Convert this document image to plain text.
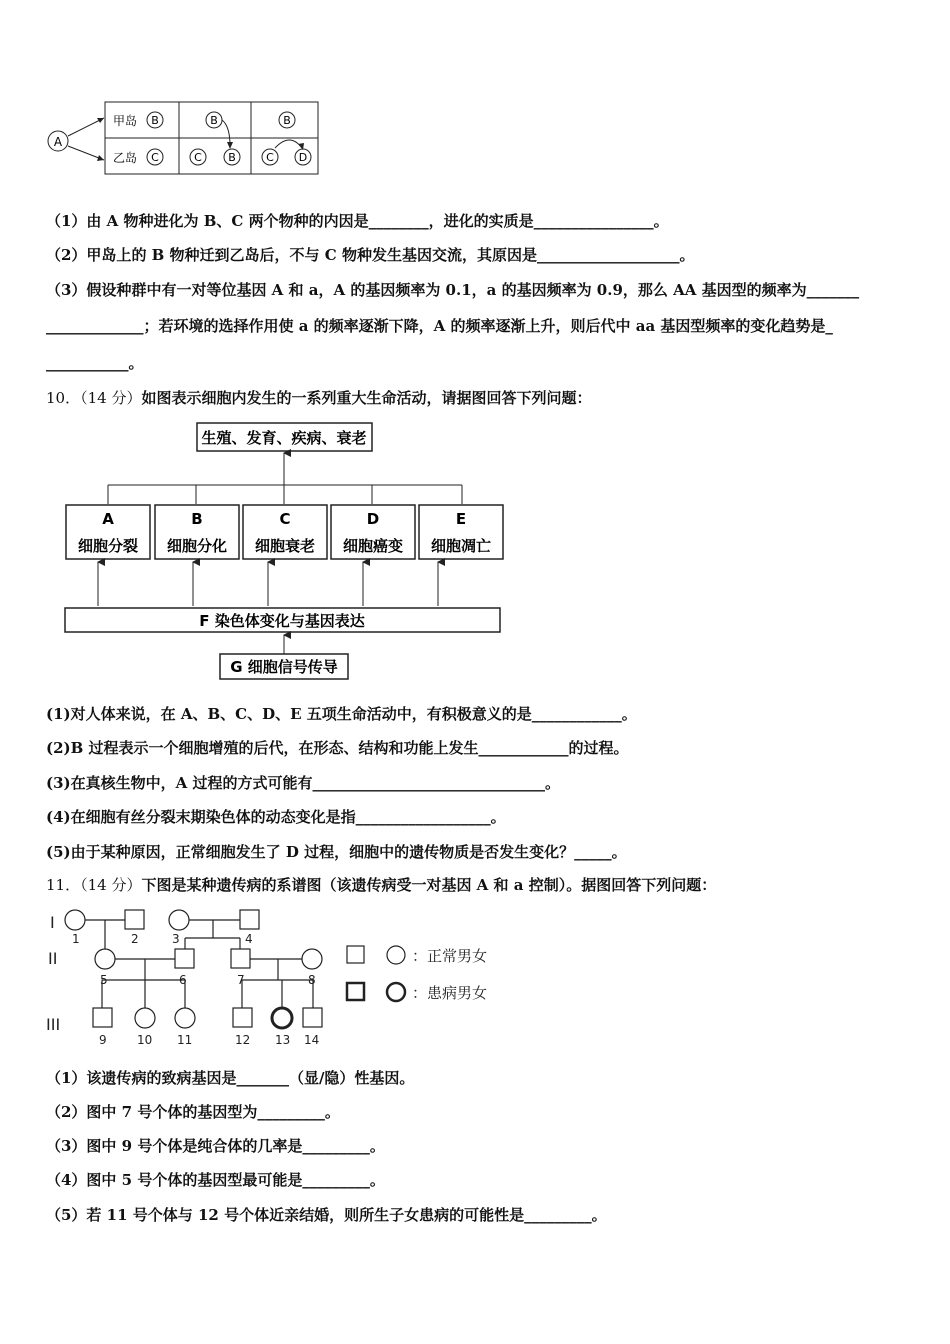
A
甲岛 B	B	B
乙岛 C	C B	C D
（1）由 A 物种进化为 B、C 两个物种的内因是________，进化的实质是________________。
（2）甲岛上的 B 物种迁到乙岛后，不与 C 物种发生基因交流，其原因是___________________。
（3）假设种群中有一对等位基因 A 和 a，A 的基因频率为 0.1，a 的基因频率为 0.9，那么 AA 基因型的频率为_______
_____________；若环境的选择作用使 a 的频率逐渐下降，A 的频率逐渐上升，则后代中 aa 基因型频率的变化趋势是_
___________。
10．（14 分）如图表示细胞内发生的一系列重大生命活动，请据图回答下列问题：
生殖、发育、疾病、衰老
A
细胞分裂
B
细胞分化
C
细胞衰老
D
细胞癌变
E
细胞凋亡
F 染色体变化与基因表达
G 细胞信号传导
(1)对人体来说，在 A、B、C、D、E 五项生命活动中，有积极意义的是____________。
(2)B 过程表示一个细胞增殖的后代，在形态、结构和功能上发生____________的过程。
(3)在真核生物中，A 过程的方式可能有_______________________________。
(4)在细胞有丝分裂末期染色体的动态变化是指__________________。
(5)由于某种原因，正常细胞发生了 D 过程，细胞中的遗传物质是否发生变化？_____。
11．（14 分）下图是某种遗传病的系谱图（该遗传病受一对基因 A 和 a 控制）。据图回答下列问题：
I
II
III
1	2	3	4
5	6	7	8
9	10 11	12 13 14
：正常男女
：患病男女
（1）该遗传病的致病基因是_______（显/隐）性基因。
（2）图中 7 号个体的基因型为_________。
（3）图中 9 号个体是纯合体的几率是_________。
（4）图中 5 号个体的基因型最可能是_________。
（5）若 11 号个体与 12 号个体近亲结婚，则所生子女患病的可能性是_________。
